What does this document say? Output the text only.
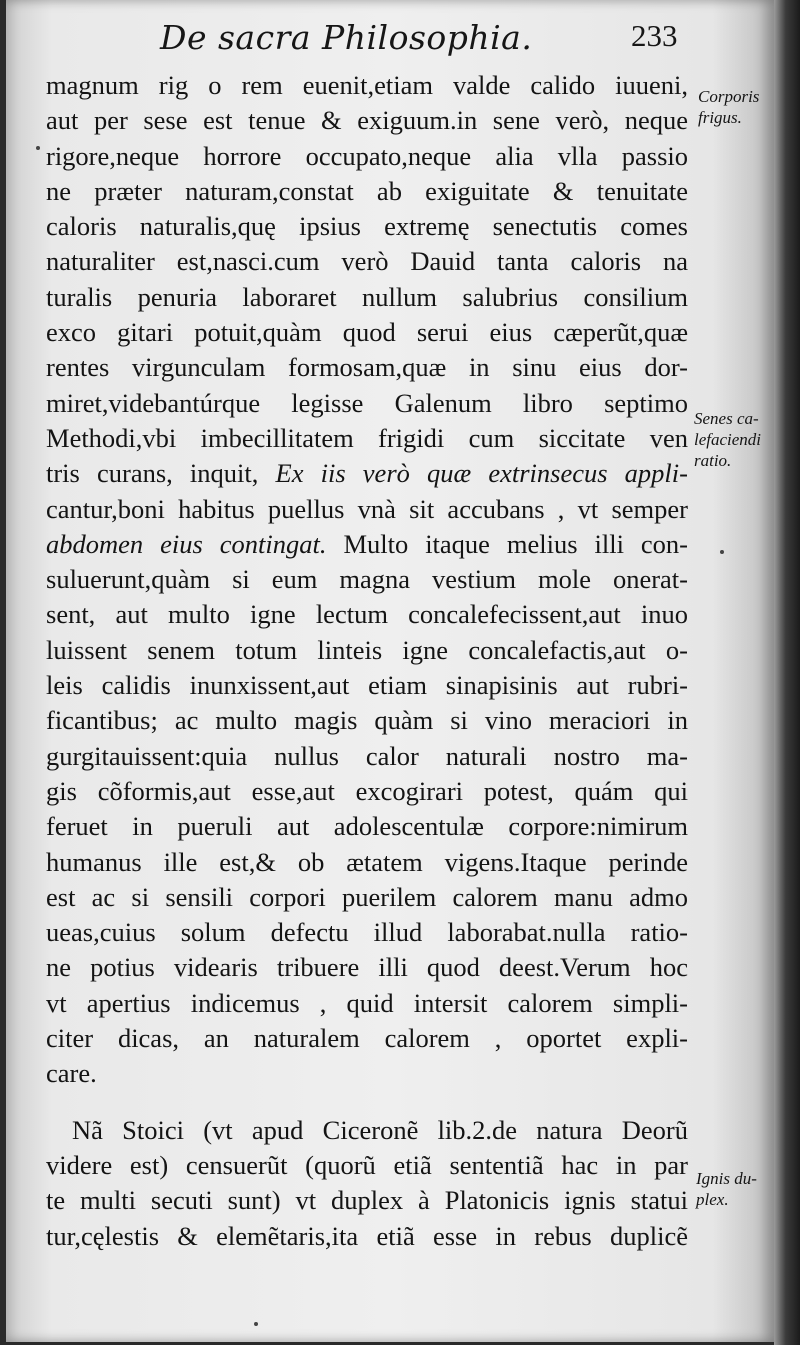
De sacra Philosophia.	233
magnum rig o rem euenit,etiam valde calido iuueni,
aut per sese est tenue & exiguum.in sene verò, neque
rigore,neque horrore occupato,neque alia vlla passio
ne præter naturam,constat ab exiguitate & tenuitate
caloris naturalis,quę ipsius extremę senectutis comes
naturaliter est,nasci.cum verò Dauid tanta caloris na
turalis penuria laboraret nullum salubrius consilium
exco gitari potuit,quàm quod serui eius cæperũt,quæ
rentes virgunculam formosam,quæ in sinu eius dor-
miret,videbantúrque legisse Galenum libro septimo
Methodi,vbi imbecillitatem frigidi cum siccitate ven
tris curans, inquit, Ex iis verò quæ extrinsecus appli-
cantur,boni habitus puellus vnà sit accubans , vt semper
abdomen eius contingat. Multo itaque melius illi con-
suluerunt,quàm si eum magna vestium mole onerat-
sent, aut multo igne lectum concalefecissent,aut inuo
luissent senem totum linteis igne concalefactis,aut o-
leis calidis inunxissent,aut etiam sinapisinis aut rubri-
ficantibus; ac multo magis quàm si vino meraciori in
gurgitauissent:quia nullus calor naturali nostro ma-
gis cõformis,aut esse,aut excogirari potest, quám qui
feruet in pueruli aut adolescentulæ corpore:nimirum
humanus ille est,& ob ætatem vigens.Itaque perinde
est ac si sensili corpori puerilem calorem manu admo
ueas,cuius solum defectu illud laborabat.nulla ratio-
ne potius videaris tribuere illi quod deest.Verum hoc
vt apertius indicemus , quid intersit calorem simpli-
citer dicas, an naturalem calorem , oportet expli-
care.
Nã Stoici (vt apud Ciceronẽ lib.2.de natura Deorũ
videre est) censuerũt (quorũ etiã sententiã hac in par
te multi secuti sunt) vt duplex à Platonicis ignis statui
tur,cęlestis & elemẽtaris,ita etiã esse in rebus duplicẽ
Corporis
frigus.
Senes ca-
lefaciendi
ratio.
Ignis du-
plex.
